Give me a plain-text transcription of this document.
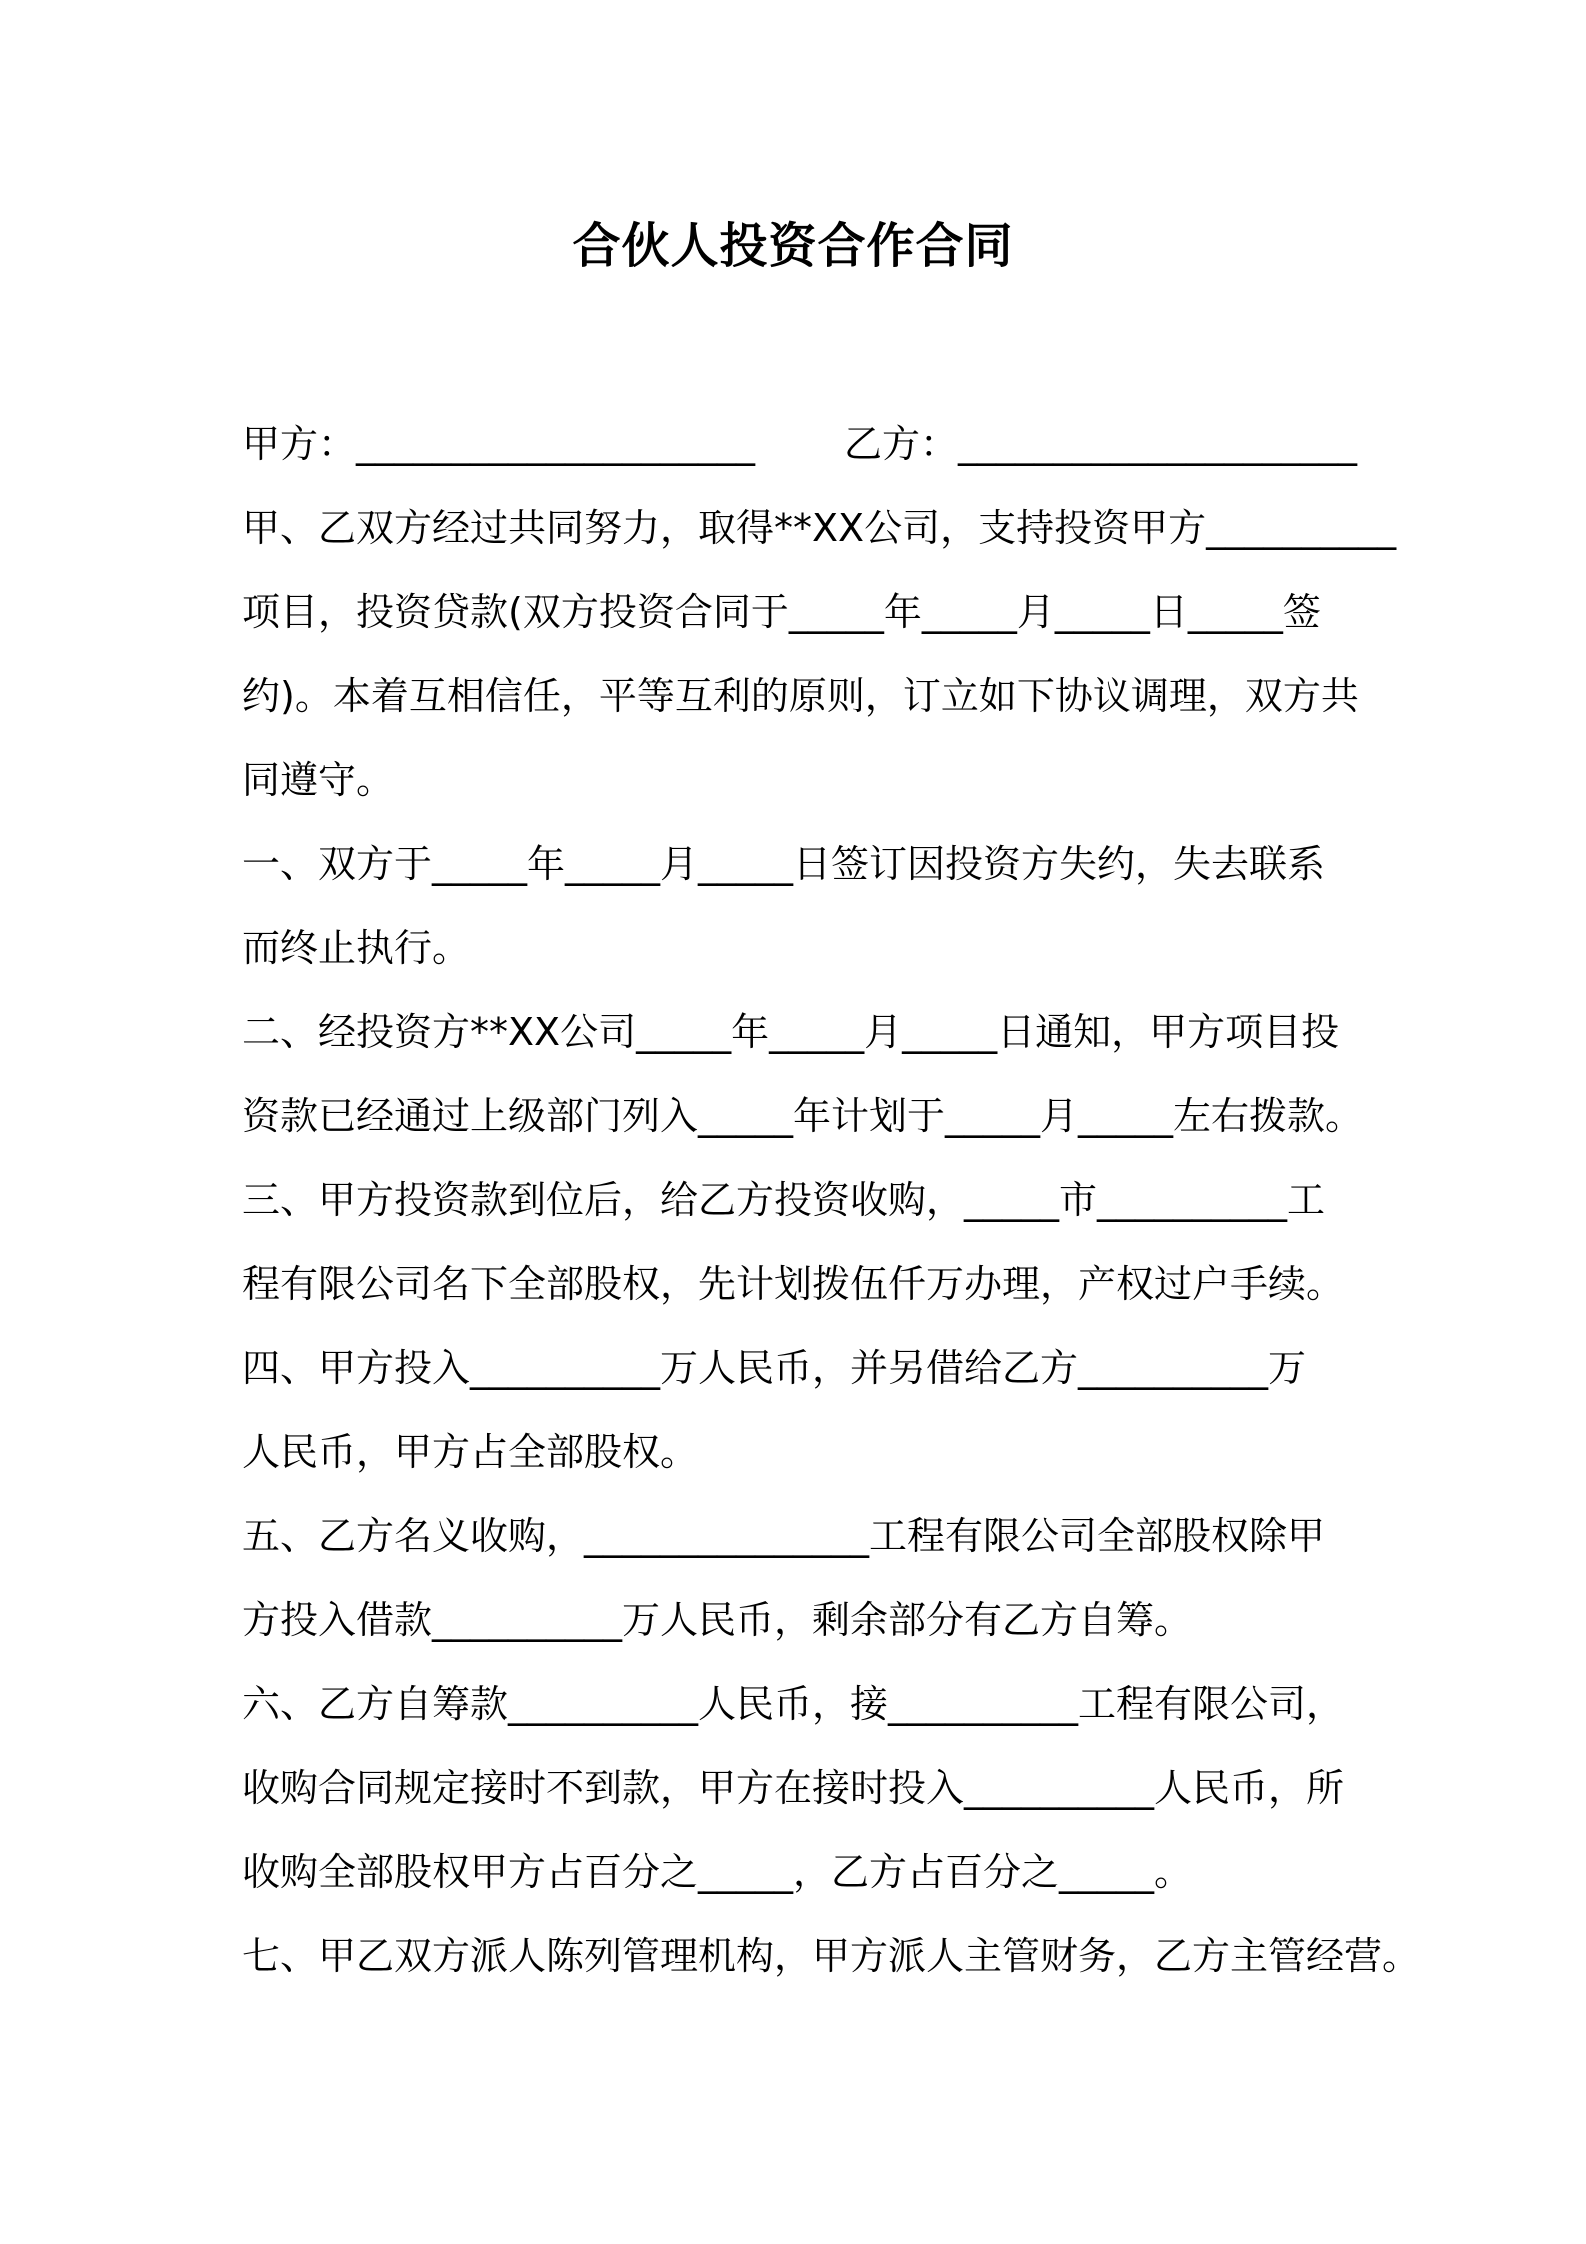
合伙人投资合作合同
甲方：_____________________ 乙方：_____________________
甲、乙双方经过共同努力，取得**XX公司，支持投资甲方__________
项目，投资贷款(双方投资合同于_____年_____月_____日_____签
约)。本着互相信任，平等互利的原则，订立如下协议调理，双方共
同遵守。
一、双方于_____年_____月_____日签订因投资方失约，失去联系
而终止执行。
二、经投资方**XX公司_____年_____月_____日通知，甲方项目投
资款已经通过上级部门列入_____年计划于_____月_____左右拨款。
三、甲方投资款到位后，给乙方投资收购，_____市__________工
程有限公司名下全部股权，先计划拨伍仟万办理，产权过户手续。
四、甲方投入__________万人民币，并另借给乙方__________万
人民币，甲方占全部股权。
五、乙方名义收购，_______________工程有限公司全部股权除甲
方投入借款__________万人民币，剩余部分有乙方自筹。
六、乙方自筹款__________人民币，接__________工程有限公司，
收购合同规定接时不到款，甲方在接时投入__________人民币，所
收购全部股权甲方占百分之_____，乙方占百分之_____。
七、甲乙双方派人陈列管理机构，甲方派人主管财务，乙方主管经营。
